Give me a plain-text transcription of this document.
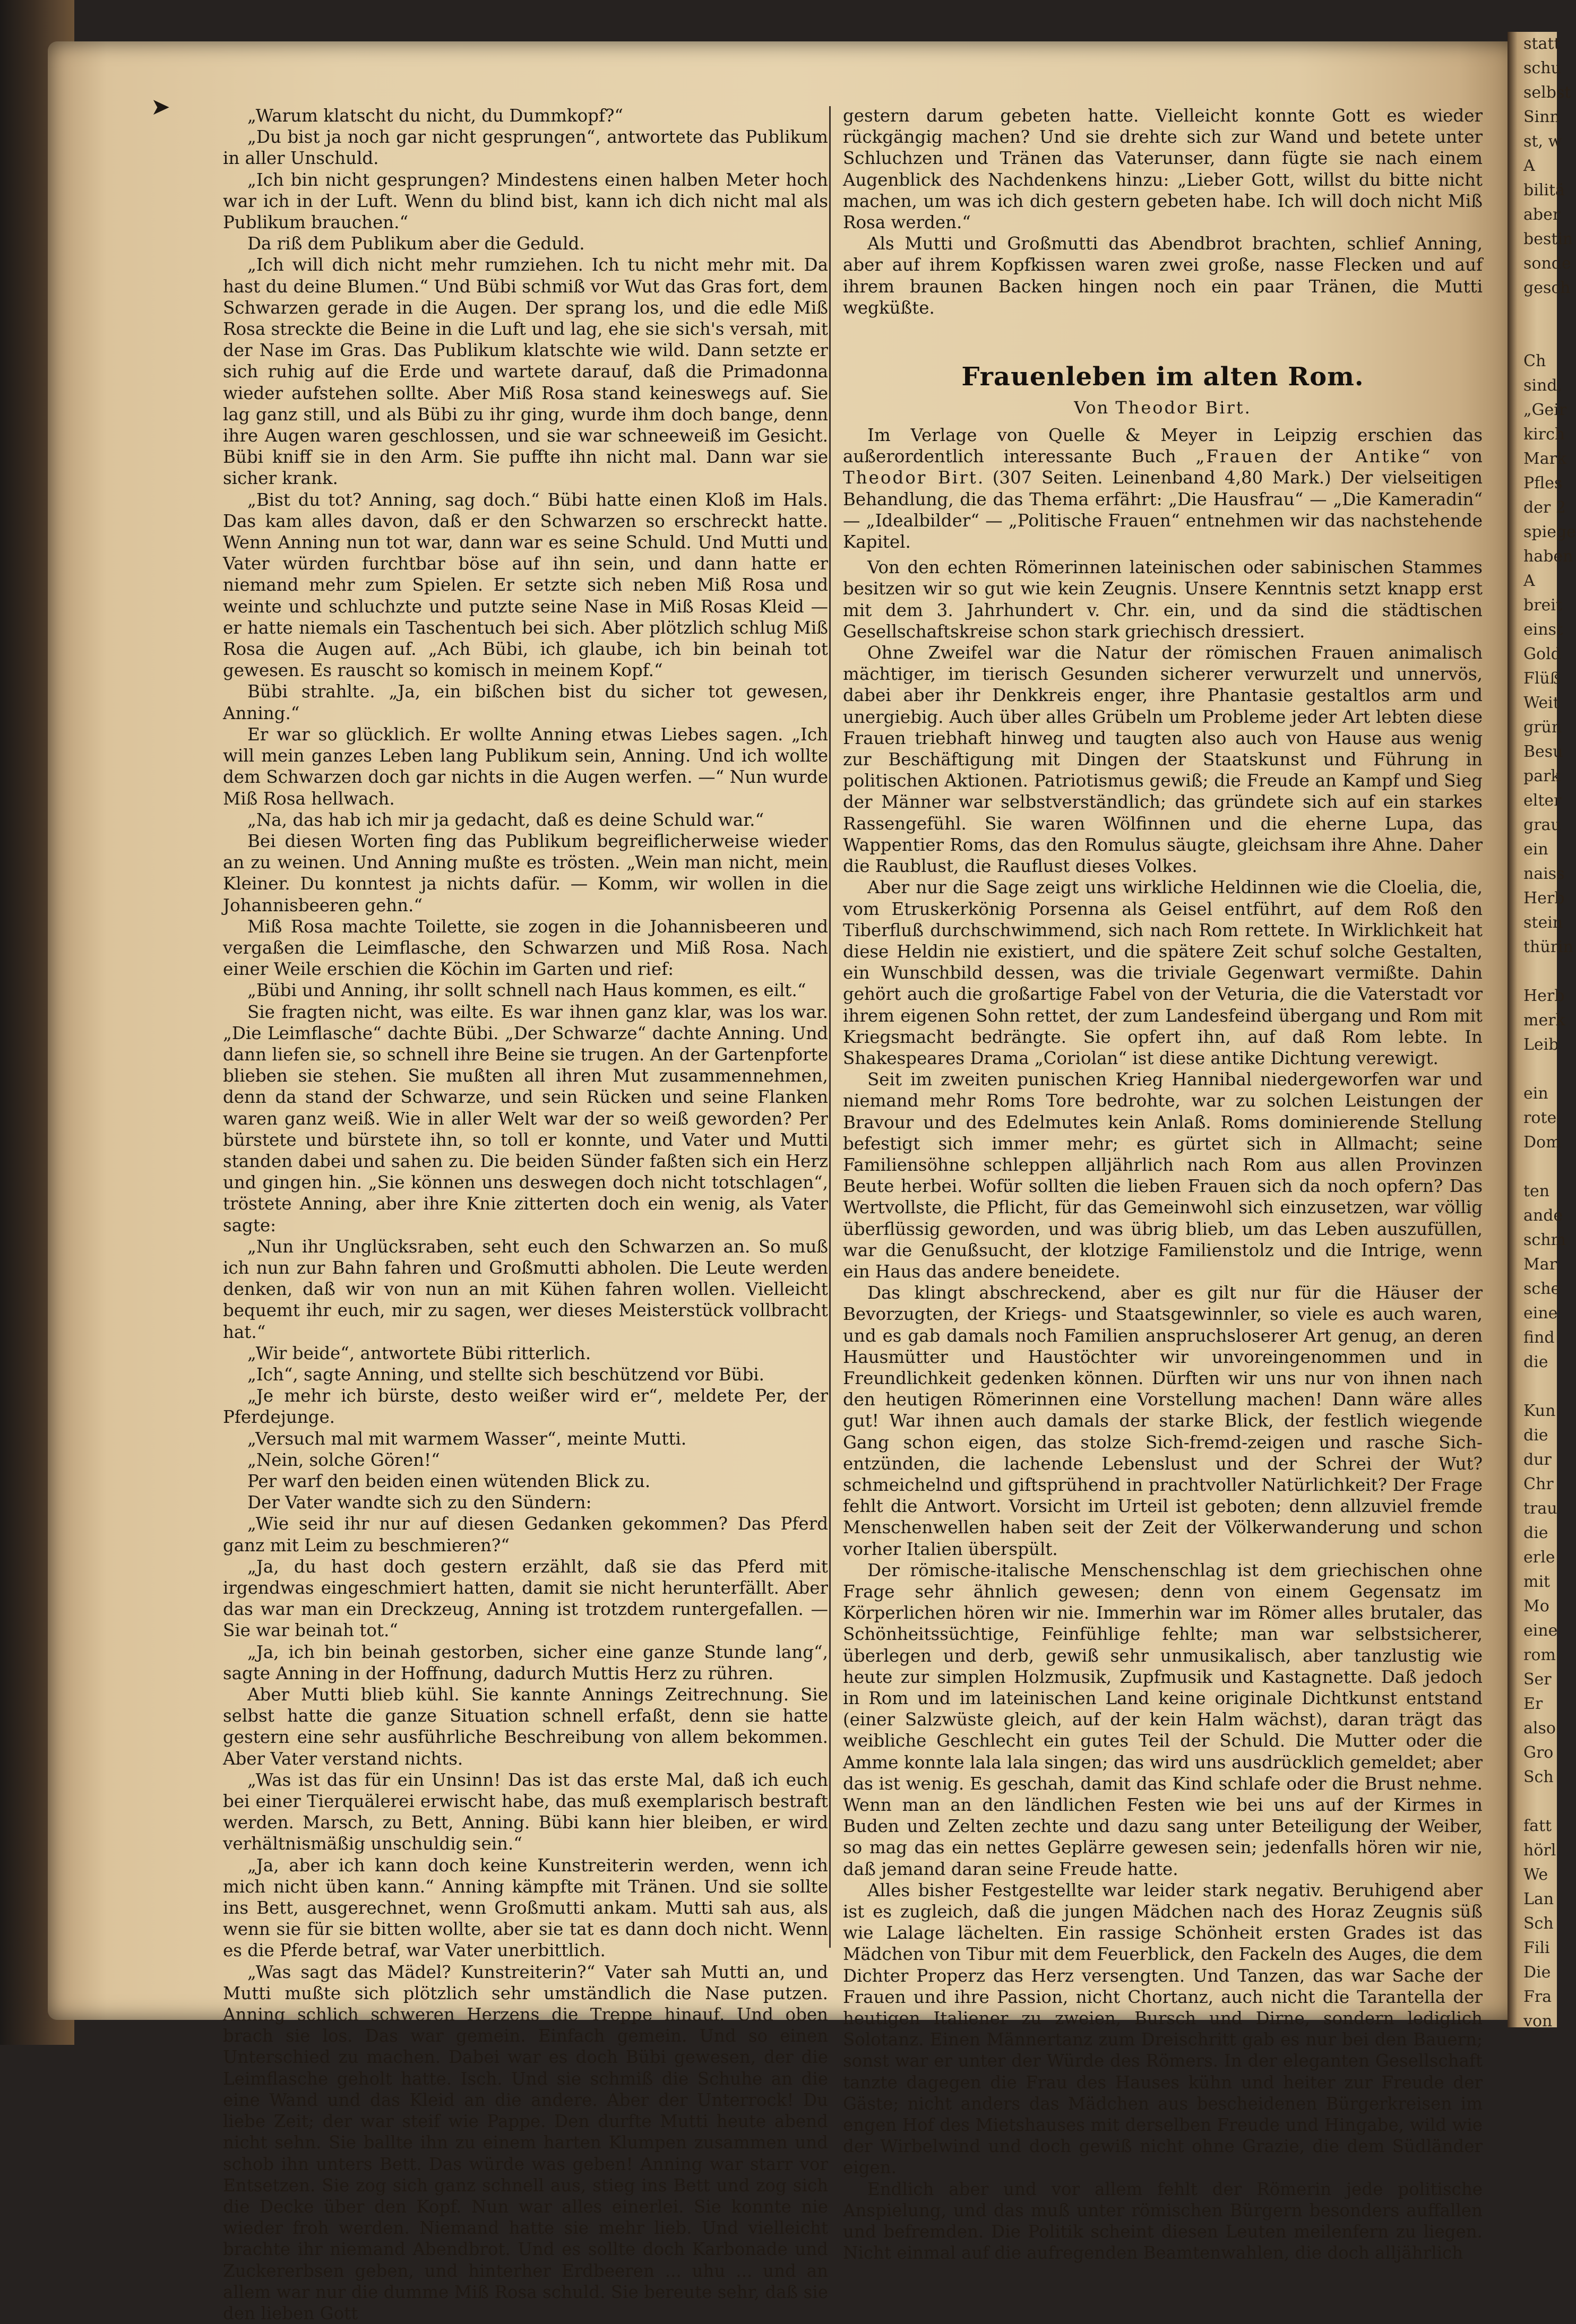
statt
schu
selbst
Sinn
st, w
A
bilitä
aber
bestin
sonde
gesch

Ch
sind,
„Geir
kirch
Mark
Pfles
der 2
spiege
haben
A
breit
einst
Gold
Flüß
Weit
grün
Besu
park
elter
grau
ein
naiss
Herb
stein
thürin

Herb
merk
Leib

ein
rote
Dom

ten
ande
schm
Mar
sche
eine
find
die

Kun
die
dur
Chr
trau
die
erle
mit
Mo
eine
rom
Ser
Er
also
Gro
Sch

fatt
hörl
We
Lan
Sch
Fili
Die
Fra
von
➤	„Warum klatscht du nicht, du Dummkopf?“

„Du bist ja noch gar nicht gesprungen“, antwortete das Publikum in aller Unschuld.

„Ich bin nicht gesprungen? Mindestens einen halben Meter hoch war ich in der Luft. Wenn du blind bist, kann ich dich nicht mal als Publikum brauchen.“

Da riß dem Publikum aber die Geduld.

„Ich will dich nicht mehr rumziehen. Ich tu nicht mehr mit. Da hast du deine Blumen.“ Und Bübi schmiß vor Wut das Gras fort, dem Schwarzen gerade in die Augen. Der sprang los, und die edle Miß Rosa streckte die Beine in die Luft und lag, ehe sie sich's versah, mit der Nase im Gras. Das Publikum klatschte wie wild. Dann setzte er sich ruhig auf die Erde und wartete darauf, daß die Primadonna wieder aufstehen sollte. Aber Miß Rosa stand keineswegs auf. Sie lag ganz still, und als Bübi zu ihr ging, wurde ihm doch bange, denn ihre Augen waren geschlossen, und sie war schneeweiß im Gesicht. Bübi kniff sie in den Arm. Sie puffte ihn nicht mal. Dann war sie sicher krank.

„Bist du tot? Anning, sag doch.“ Bübi hatte einen Kloß im Hals. Das kam alles davon, daß er den Schwarzen so erschreckt hatte. Wenn Anning nun tot war, dann war es seine Schuld. Und Mutti und Vater würden furchtbar böse auf ihn sein, und dann hatte er niemand mehr zum Spielen. Er setzte sich neben Miß Rosa und weinte und schluchzte und putzte seine Nase in Miß Rosas Kleid — er hatte niemals ein Taschentuch bei sich. Aber plötzlich schlug Miß Rosa die Augen auf. „Ach Bübi, ich glaube, ich bin beinah tot gewesen. Es rauscht so komisch in meinem Kopf.“

Bübi strahlte. „Ja, ein bißchen bist du sicher tot gewesen, Anning.“

Er war so glücklich. Er wollte Anning etwas Liebes sagen. „Ich will mein ganzes Leben lang Publikum sein, Anning. Und ich wollte dem Schwarzen doch gar nichts in die Augen werfen. —“ Nun wurde Miß Rosa hellwach.

„Na, das hab ich mir ja gedacht, daß es deine Schuld war.“

Bei diesen Worten fing das Publikum begreiflicherweise wieder an zu weinen. Und Anning mußte es trösten. „Wein man nicht, mein Kleiner. Du konntest ja nichts dafür. — Komm, wir wollen in die Johannisbeeren gehn.“

Miß Rosa machte Toilette, sie zogen in die Johannisbeeren und vergaßen die Leimflasche, den Schwarzen und Miß Rosa. Nach einer Weile erschien die Köchin im Garten und rief:

„Bübi und Anning, ihr sollt schnell nach Haus kommen, es eilt.“

Sie fragten nicht, was eilte. Es war ihnen ganz klar, was los war. „Die Leimflasche“ dachte Bübi. „Der Schwarze“ dachte Anning. Und dann liefen sie, so schnell ihre Beine sie trugen. An der Gartenpforte blieben sie stehen. Sie mußten all ihren Mut zusammennehmen, denn da stand der Schwarze, und sein Rücken und seine Flanken waren ganz weiß. Wie in aller Welt war der so weiß geworden? Per bürstete und bürstete ihn, so toll er konnte, und Vater und Mutti standen dabei und sahen zu. Die beiden Sünder faßten sich ein Herz und gingen hin. „Sie können uns deswegen doch nicht totschlagen“, tröstete Anning, aber ihre Knie zitterten doch ein wenig, als Vater sagte:

„Nun ihr Unglücksraben, seht euch den Schwarzen an. So muß ich nun zur Bahn fahren und Großmutti abholen. Die Leute werden denken, daß wir von nun an mit Kühen fahren wollen. Vielleicht bequemt ihr euch, mir zu sagen, wer dieses Meisterstück vollbracht hat.“

„Wir beide“, antwortete Bübi ritterlich.

„Ich“, sagte Anning, und stellte sich beschützend vor Bübi.

„Je mehr ich bürste, desto weißer wird er“, meldete Per, der Pferdejunge.

„Versuch mal mit warmem Wasser“, meinte Mutti.

„Nein, solche Gören!“

Per warf den beiden einen wütenden Blick zu.

Der Vater wandte sich zu den Sündern:

„Wie seid ihr nur auf diesen Gedanken gekommen? Das Pferd ganz mit Leim zu beschmieren?“

„Ja, du hast doch gestern erzählt, daß sie das Pferd mit irgendwas eingeschmiert hatten, damit sie nicht herunterfällt. Aber das war man ein Dreckzeug, Anning ist trotzdem runtergefallen. — Sie war beinah tot.“

„Ja, ich bin beinah gestorben, sicher eine ganze Stunde lang“, sagte Anning in der Hoffnung, dadurch Muttis Herz zu rühren.

Aber Mutti blieb kühl. Sie kannte Annings Zeitrechnung. Sie selbst hatte die ganze Situation schnell erfaßt, denn sie hatte gestern eine sehr ausführliche Beschreibung von allem bekommen. Aber Vater verstand nichts.

„Was ist das für ein Unsinn! Das ist das erste Mal, daß ich euch bei einer Tierquälerei erwischt habe, das muß exemplarisch bestraft werden. Marsch, zu Bett, Anning. Bübi kann hier bleiben, er wird verhältnismäßig unschuldig sein.“

„Ja, aber ich kann doch keine Kunstreiterin werden, wenn ich mich nicht üben kann.“ Anning kämpfte mit Tränen. Und sie sollte ins Bett, ausgerechnet, wenn Großmutti ankam. Mutti sah aus, als wenn sie für sie bitten wollte, aber sie tat es dann doch nicht. Wenn es die Pferde betraf, war Vater unerbittlich.

„Was sagt das Mädel? Kunstreiterin?“ Vater sah Mutti an, und Mutti mußte sich plötzlich sehr umständlich die Nase putzen. Anning schlich schweren Herzens die Treppe hinauf. Und oben brach sie los. Das war gemein. Einfach gemein. Und so einen Unterschied zu machen. Dabei war es doch Bübi gewesen, der die Leimflasche geholt hatte. Isch. Und sie schmiß die Schuhe an die eine Wand und das Kleid an die andere. Aber der Unterrock! Du liebe Zeit; der war steif wie Pappe. Den durfte Mutti heute abend nicht sehn. Sie ballte ihn zu einem harten Klumpen zusammen und schob ihn unters Bett. Das würde was geben! Anning war starr vor Entsetzen. Sie zog sich ganz schnell aus, stieg ins Bett und zog sich die Decke über den Kopf. Nun war alles einerlei. Sie konnte nie wieder froh werden. Niemand hatte sie mehr lieb. Und vielleicht brachte ihr niemand Abendbrot. Und es sollte doch Karbonade und Zuckererbsen geben, und hinterher Erdbeeren ... uhu ... und an allem war nur die dumme Miß Rosa schuld. Sie bereute sehr, daß sie den lieben Gott

gestern darum gebeten hatte. Vielleicht konnte Gott es wieder rückgängig machen? Und sie drehte sich zur Wand und betete unter Schluchzen und Tränen das Vaterunser, dann fügte sie nach einem Augenblick des Nachdenkens hinzu: „Lieber Gott, willst du bitte nicht machen, um was ich dich gestern gebeten habe. Ich will doch nicht Miß Rosa werden.“

Als Mutti und Großmutti das Abendbrot brachten, schlief Anning, aber auf ihrem Kopfkissen waren zwei große, nasse Flecken und auf ihrem braunen Backen hingen noch ein paar Tränen, die Mutti wegküßte.

Frauenleben im alten Rom.
Von Theodor Birt.

Im Verlage von Quelle & Meyer in Leipzig erschien das außerordentlich interessante Buch „Frauen der Antike“ von Theodor Birt. (307 Seiten. Leinenband 4,80 Mark.) Der vielseitigen Behandlung, die das Thema erfährt: „Die Hausfrau“ — „Die Kameradin“ — „Idealbilder“ — „Politische Frauen“ entnehmen wir das nachstehende Kapitel.

Von den echten Römerinnen lateinischen oder sabinischen Stammes besitzen wir so gut wie kein Zeugnis. Unsere Kenntnis setzt knapp erst mit dem 3. Jahrhundert v. Chr. ein, und da sind die städtischen Gesellschaftskreise schon stark griechisch dressiert.

Ohne Zweifel war die Natur der römischen Frauen animalisch mächtiger, im tierisch Gesunden sicherer verwurzelt und unnervös, dabei aber ihr Denkkreis enger, ihre Phantasie gestaltlos arm und unergiebig. Auch über alles Grübeln um Probleme jeder Art lebten diese Frauen triebhaft hinweg und taugten also auch von Hause aus wenig zur Beschäftigung mit Dingen der Staatskunst und Führung in politischen Aktionen. Patriotismus gewiß; die Freude an Kampf und Sieg der Männer war selbstverständlich; das gründete sich auf ein starkes Rassengefühl. Sie waren Wölfinnen und die eherne Lupa, das Wappentier Roms, das den Romulus säugte, gleichsam ihre Ahne. Daher die Raublust, die Rauflust dieses Volkes.

Aber nur die Sage zeigt uns wirkliche Heldinnen wie die Cloelia, die, vom Etruskerkönig Porsenna als Geisel entführt, auf dem Roß den Tiberfluß durchschwimmend, sich nach Rom rettete. In Wirklichkeit hat diese Heldin nie existiert, und die spätere Zeit schuf solche Gestalten, ein Wunschbild dessen, was die triviale Gegenwart vermißte. Dahin gehört auch die großartige Fabel von der Veturia, die die Vaterstadt vor ihrem eigenen Sohn rettet, der zum Landesfeind übergang und Rom mit Kriegsmacht bedrängte. Sie opfert ihn, auf daß Rom lebte. In Shakespeares Drama „Coriolan“ ist diese antike Dichtung verewigt.

Seit im zweiten punischen Krieg Hannibal niedergeworfen war und niemand mehr Roms Tore bedrohte, war zu solchen Leistungen der Bravour und des Edelmutes kein Anlaß. Roms dominierende Stellung befestigt sich immer mehr; es gürtet sich in Allmacht; seine Familiensöhne schleppen alljährlich nach Rom aus allen Provinzen Beute herbei. Wofür sollten die lieben Frauen sich da noch opfern? Das Wertvollste, die Pflicht, für das Gemeinwohl sich einzusetzen, war völlig überflüssig geworden, und was übrig blieb, um das Leben auszufüllen, war die Genußsucht, der klotzige Familienstolz und die Intrige, wenn ein Haus das andere beneidete.

Das klingt abschreckend, aber es gilt nur für die Häuser der Bevorzugten, der Kriegs- und Staatsgewinnler, so viele es auch waren, und es gab damals noch Familien anspruchsloserer Art genug, an deren Hausmütter und Haustöchter wir unvoreingenommen und in Freundlichkeit gedenken können. Dürften wir uns nur von ihnen nach den heutigen Römerinnen eine Vorstellung machen! Dann wäre alles gut! War ihnen auch damals der starke Blick, der festlich wiegende Gang schon eigen, das stolze Sich-fremd-zeigen und rasche Sich-entzünden, die lachende Lebenslust und der Schrei der Wut? schmeichelnd und giftsprühend in prachtvoller Natürlichkeit? Der Frage fehlt die Antwort. Vorsicht im Urteil ist geboten; denn allzuviel fremde Menschenwellen haben seit der Zeit der Völkerwanderung und schon vorher Italien überspült.

Der römische-italische Menschenschlag ist dem griechischen ohne Frage sehr ähnlich gewesen; denn von einem Gegensatz im Körperlichen hören wir nie. Immerhin war im Römer alles brutaler, das Schönheitssüchtige, Feinfühlige fehlte; man war selbstsicherer, überlegen und derb, gewiß sehr unmusikalisch, aber tanzlustig wie heute zur simplen Holzmusik, Zupfmusik und Kastagnette. Daß jedoch in Rom und im lateinischen Land keine originale Dichtkunst entstand (einer Salzwüste gleich, auf der kein Halm wächst), daran trägt das weibliche Geschlecht ein gutes Teil der Schuld. Die Mutter oder die Amme konnte lala lala singen; das wird uns ausdrücklich gemeldet; aber das ist wenig. Es geschah, damit das Kind schlafe oder die Brust nehme. Wenn man an den ländlichen Festen wie bei uns auf der Kirmes in Buden und Zelten zechte und dazu sang unter Beteiligung der Weiber, so mag das ein nettes Geplärre gewesen sein; jedenfalls hören wir nie, daß jemand daran seine Freude hatte.

Alles bisher Festgestellte war leider stark negativ. Beruhigend aber ist es zugleich, daß die jungen Mädchen nach des Horaz Zeugnis süß wie Lalage lächelten. Ein rassige Schönheit ersten Grades ist das Mädchen von Tibur mit dem Feuerblick, den Fackeln des Auges, die dem Dichter Properz das Herz versengten. Und Tanzen, das war Sache der Frauen und ihre Passion, nicht Chortanz, auch nicht die Tarantella der heutigen Italiener zu zweien, Bursch und Dirne, sondern lediglich Solotanz. Einen Männertanz zum Dreischritt gab es nur bei den Bauern; sonst war er unter der Würde des Römers. In der eleganten Gesellschaft tanzte dagegen die Frau des Hauses kühn und heiter zur Freude der Gäste; nicht anders das Mädchen aus bescheidenen Bürgerkreisen im engen Hof des Mietshauses mit derselben Freude und Hingabe, wild wie der Wirbelwind und doch gewiß nicht ohne Grazie, die dem Südländer eigen.

Endlich aber und vor allem fehlt der Römerin jede politische Anspielung, und das muß unter römischen Bürgern besonders auffallen und befremden. Die Politik scheint diesen Leuten meilenfern zu liegen. Nicht einmal auf die aufregenden Beamtenwahlen, die doch alljährlich
